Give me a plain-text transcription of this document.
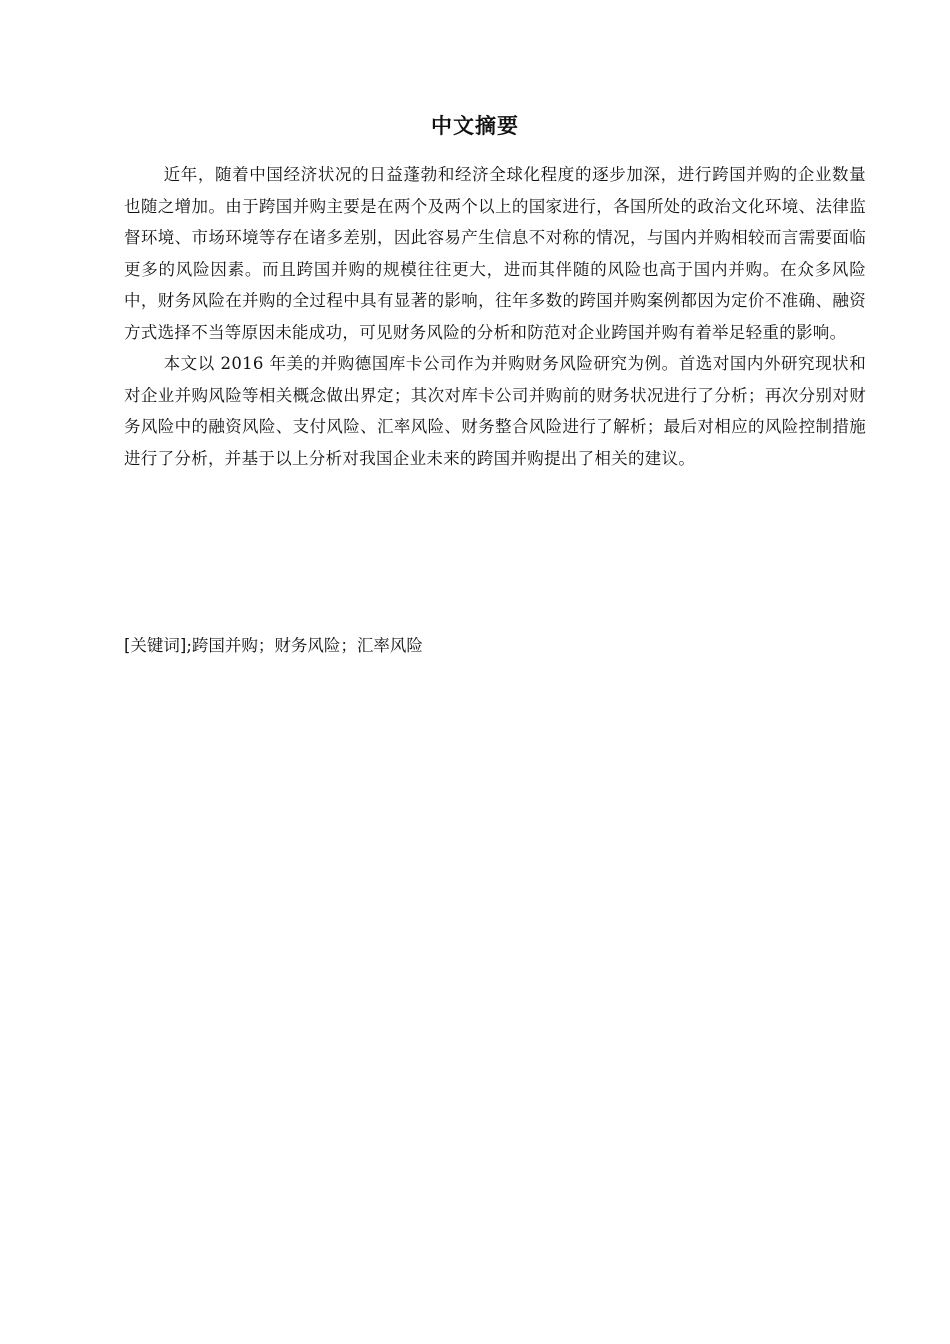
中文摘要

近年，随着中国经济状况的日益蓬勃和经济全球化程度的逐步加深，进行跨国并购的企业数量也随之增加。由于跨国并购主要是在两个及两个以上的国家进行，各国所处的政治文化环境、法律监督环境、市场环境等存在诸多差别，因此容易产生信息不对称的情况，与国内并购相较而言需要面临更多的风险因素。而且跨国并购的规模往往更大，进而其伴随的风险也高于国内并购。在众多风险中，财务风险在并购的全过程中具有显著的影响，往年多数的跨国并购案例都因为定价不准确、融资方式选择不当等原因未能成功，可见财务风险的分析和防范对企业跨国并购有着举足轻重的影响。

本文以 2016 年美的并购德国库卡公司作为并购财务风险研究为例。首选对国内外研究现状和对企业并购风险等相关概念做出界定；其次对库卡公司并购前的财务状况进行了分析；再次分别对财务风险中的融资风险、支付风险、汇率风险、财务整合风险进行了解析；最后对相应的风险控制措施进行了分析，并基于以上分析对我国企业未来的跨国并购提出了相关的建议。

[关键词];跨国并购；财务风险；汇率风险
